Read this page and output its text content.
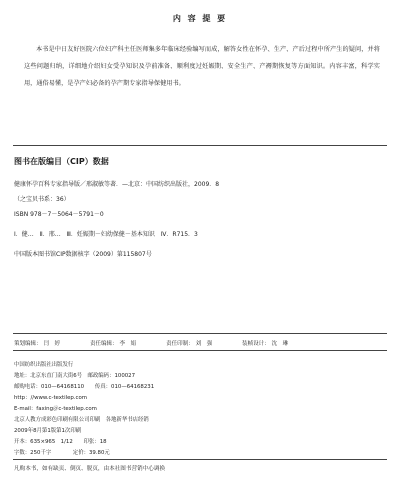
内 容 提 要
本书是中日友好医院六位妇产科主任医师集多年临床经验编写而成，解答女性在怀孕、生产、产后过程中所产生的疑问，并将这些问题归纳，详细地介绍妇女受孕知识及孕前准备、顺利度过妊娠期、安全生产、产褥期恢复等方面知识。内容丰富，科学实用，通俗易懂，是孕产妇必备的孕产期专家指导保健用书。
图书在版编目（CIP）数据
健康怀孕百科专家指导版／邢淑敏等著．—北京：中国纺织出版社，2009．8
（之宝贝书系：36）
ISBN 978－7－5064－5791－0
Ⅰ．健…　Ⅱ．邢…　Ⅲ．妊娠期－妇幼保健－基本知识　Ⅳ．R715．3
中国版本图书馆CIP数据核字（2009）第115807号
策划编辑： 闫　婷	责任编辑： 李　娟	责任印制： 刘　强	装帧设计： 沈　琳
中国纺织出版社出版发行
地址：北京东直门南大街6号　邮政编码：100027
邮购电话：010—64168110　　传真：010—64168231
http：//www.c-textilep.com
E-mail：faxing＠c-textilep.com
北京人教方成彩色印刷有限公司印刷　各地新华书店经销
2009年8月第1版第1次印刷
开本：635×965　1/12　　印张：18
字数：250千字　　　　定价：39.80元
凡购本书，如有缺页、倒页、脱页，由本社图书营销中心调换
